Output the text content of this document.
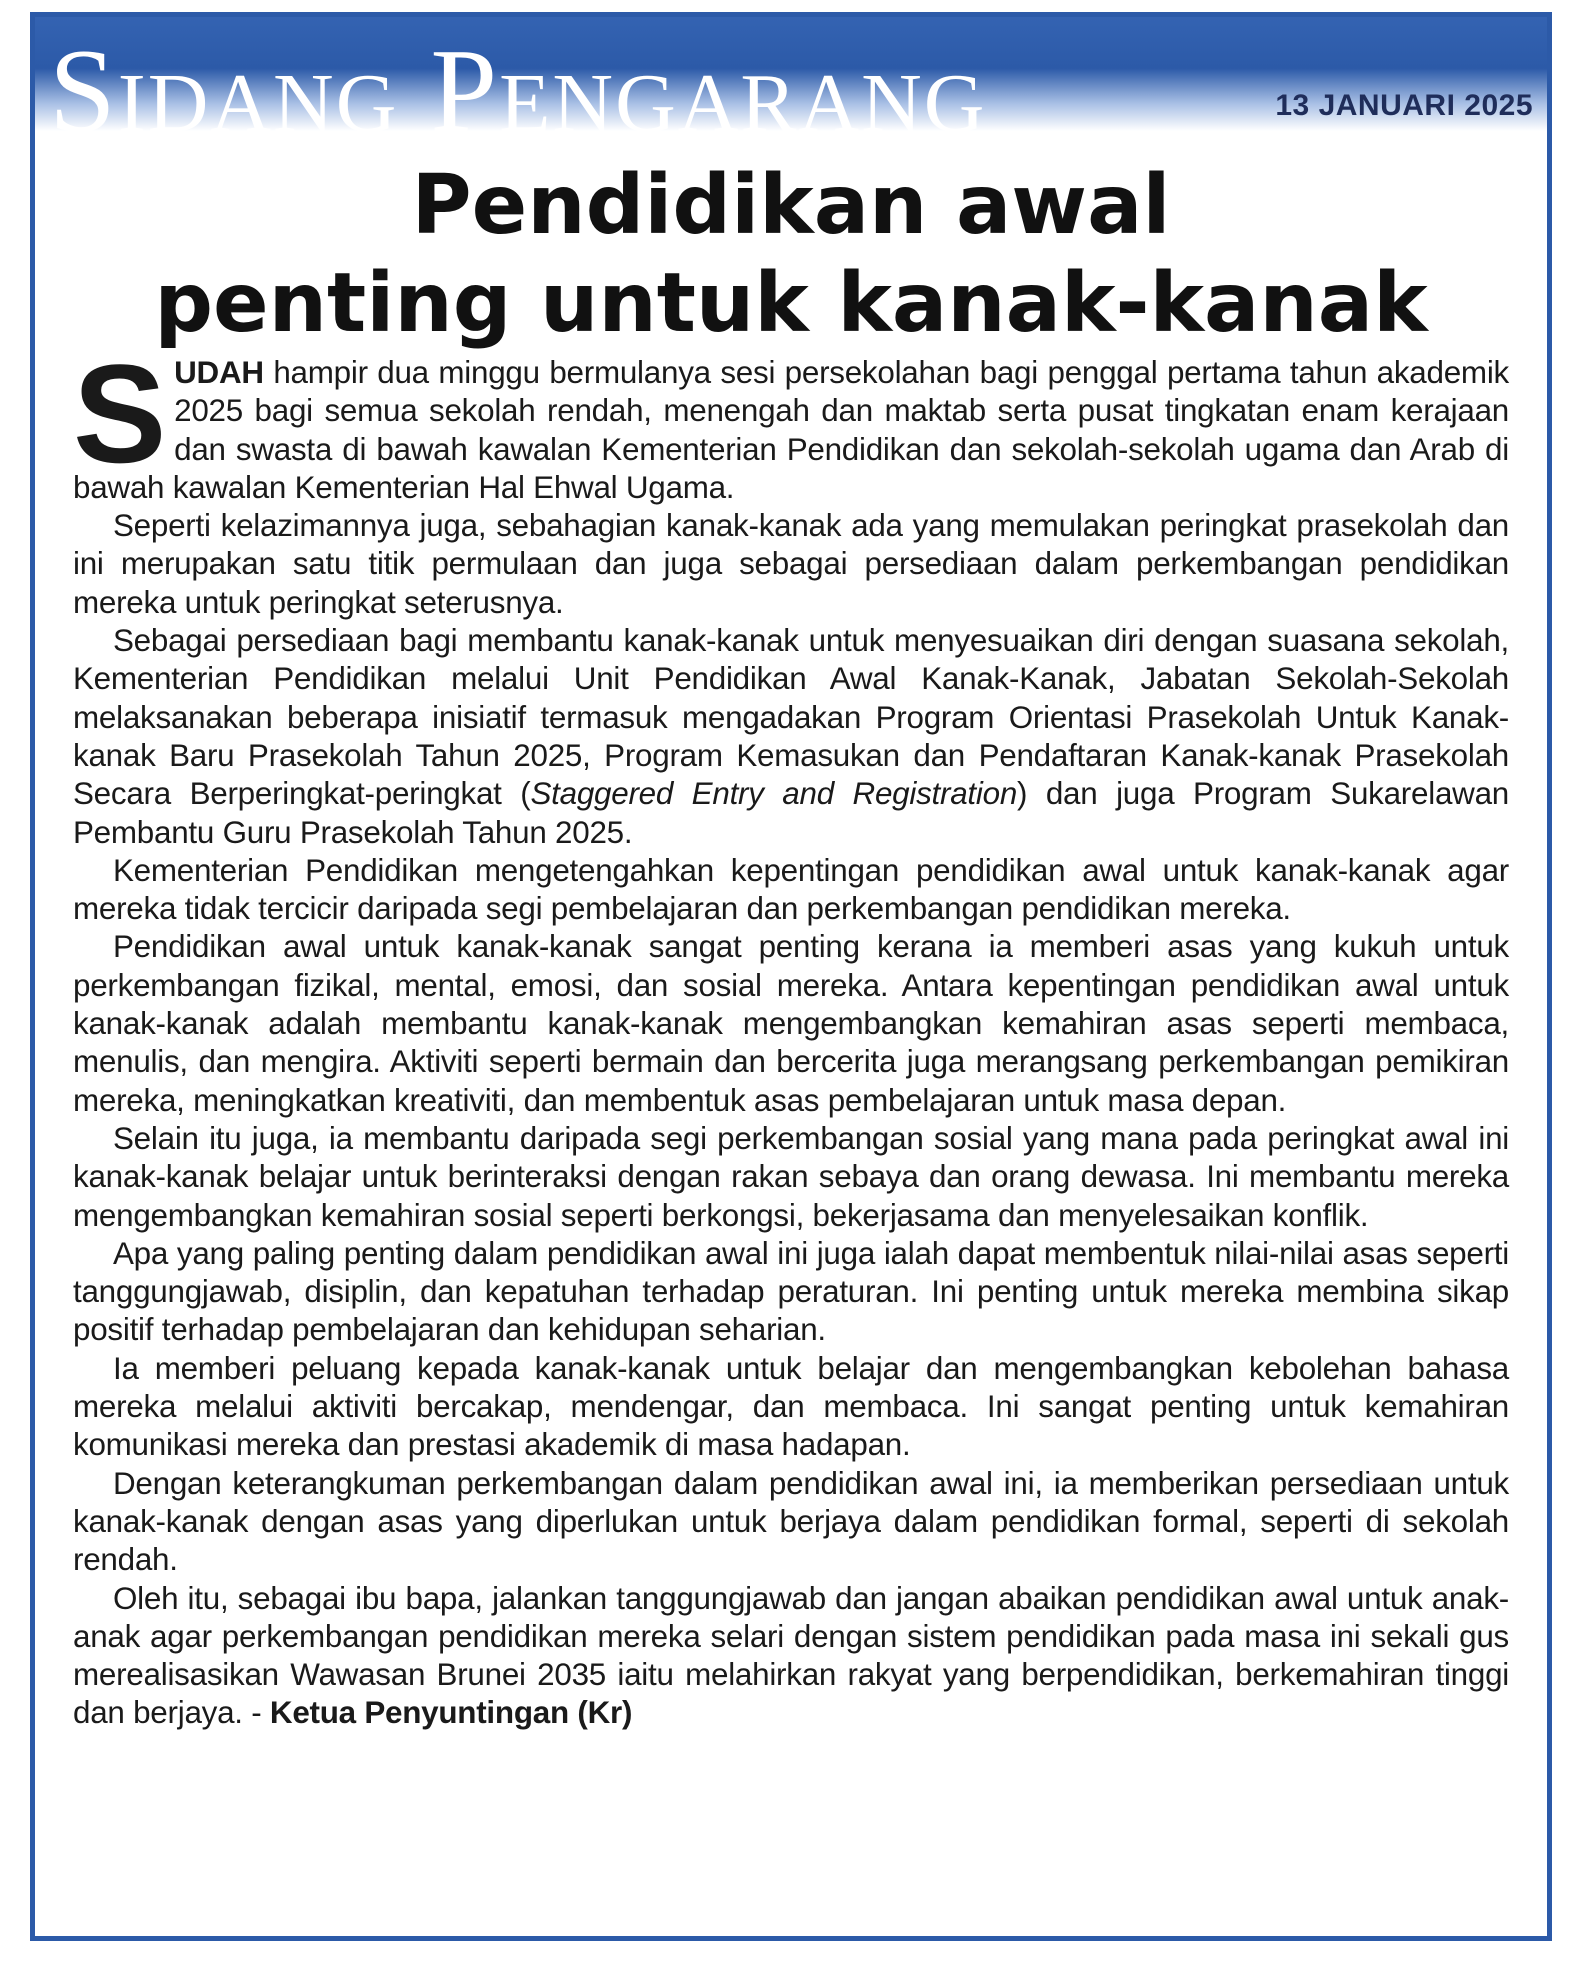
Sidang Pengarang	13 JANUARI 2025
Pendidikan awal
penting untuk kanak-kanak

SUDAH hampir dua minggu bermulanya sesi persekolahan bagi penggal pertama tahun akademik 2025 bagi semua sekolah rendah, menengah dan maktab serta pusat tingkatan enam kerajaan dan swasta di bawah kawalan Kementerian Pendidikan dan sekolah-sekolah ugama dan Arab di bawah kawalan Kementerian Hal Ehwal Ugama.

Seperti kelazimannya juga, sebahagian kanak-kanak ada yang memulakan peringkat prasekolah dan ini merupakan satu titik permulaan dan juga sebagai persediaan dalam perkembangan pendidikan mereka untuk peringkat seterusnya.

Sebagai persediaan bagi membantu kanak-kanak untuk menyesuaikan diri dengan suasana sekolah, Kementerian Pendidikan melalui Unit Pendidikan Awal Kanak-Kanak, Jabatan Sekolah-Sekolah melaksanakan beberapa inisiatif termasuk mengadakan Program Orientasi Prasekolah Untuk Kanak-kanak Baru Prasekolah Tahun 2025, Program Kemasukan dan Pendaftaran Kanak-kanak Prasekolah Secara Berperingkat-peringkat (Staggered Entry and Registration) dan juga Program Sukarelawan Pembantu Guru Prasekolah Tahun 2025.

Kementerian Pendidikan mengetengahkan kepentingan pendidikan awal untuk kanak-kanak agar mereka tidak tercicir daripada segi pembelajaran dan perkembangan pendidikan mereka.

Pendidikan awal untuk kanak-kanak sangat penting kerana ia memberi asas yang kukuh untuk perkembangan fizikal, mental, emosi, dan sosial mereka. Antara kepentingan pendidikan awal untuk kanak-kanak adalah membantu kanak-kanak mengembangkan kemahiran asas seperti membaca, menulis, dan mengira. Aktiviti seperti bermain dan bercerita juga merangsang perkembangan pemikiran mereka, meningkatkan kreativiti, dan membentuk asas pembelajaran untuk masa depan.

Selain itu juga, ia membantu daripada segi perkembangan sosial yang mana pada peringkat awal ini kanak-kanak belajar untuk berinteraksi dengan rakan sebaya dan orang dewasa. Ini membantu mereka mengembangkan kemahiran sosial seperti berkongsi, bekerjasama dan menyelesaikan konflik.

Apa yang paling penting dalam pendidikan awal ini juga ialah dapat membentuk nilai-nilai asas seperti tanggungjawab, disiplin, dan kepatuhan terhadap peraturan. Ini penting untuk mereka membina sikap positif terhadap pembelajaran dan kehidupan seharian.

Ia memberi peluang kepada kanak-kanak untuk belajar dan mengembangkan kebolehan bahasa mereka melalui aktiviti bercakap, mendengar, dan membaca. Ini sangat penting untuk kemahiran komunikasi mereka dan prestasi akademik di masa hadapan.

Dengan keterangkuman perkembangan dalam pendidikan awal ini, ia memberikan persediaan untuk kanak-kanak dengan asas yang diperlukan untuk berjaya dalam pendidikan formal, seperti di sekolah rendah.

Oleh itu, sebagai ibu bapa, jalankan tanggungjawab dan jangan abaikan pendidikan awal untuk anak-anak agar perkembangan pendidikan mereka selari dengan sistem pendidikan pada masa ini sekali gus merealisasikan Wawasan Brunei 2035 iaitu melahirkan rakyat yang berpendidikan, berkemahiran tinggi dan berjaya. - Ketua Penyuntingan (Kr)
